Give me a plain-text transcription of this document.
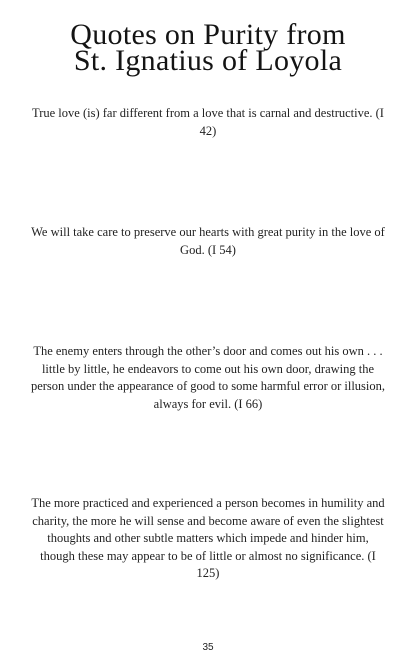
Quotes on Purity from
St. Ignatius of Loyola

True love (is) far different from a love that is carnal and destructive. (I 42)

We will take care to preserve our hearts with great purity in the love of God. (I 54)

The enemy enters through the other’s door and comes out his own . . . little by little, he endeavors to come out his own door, drawing the person under the appearance of good to some harmful error or illusion, always for evil. (I 66)

The more practiced and experienced a person becomes in humility and charity, the more he will sense and become aware of even the slightest thoughts and other subtle matters which impede and hinder him, though these may appear to be of little or almost no significance. (I 125)

35
